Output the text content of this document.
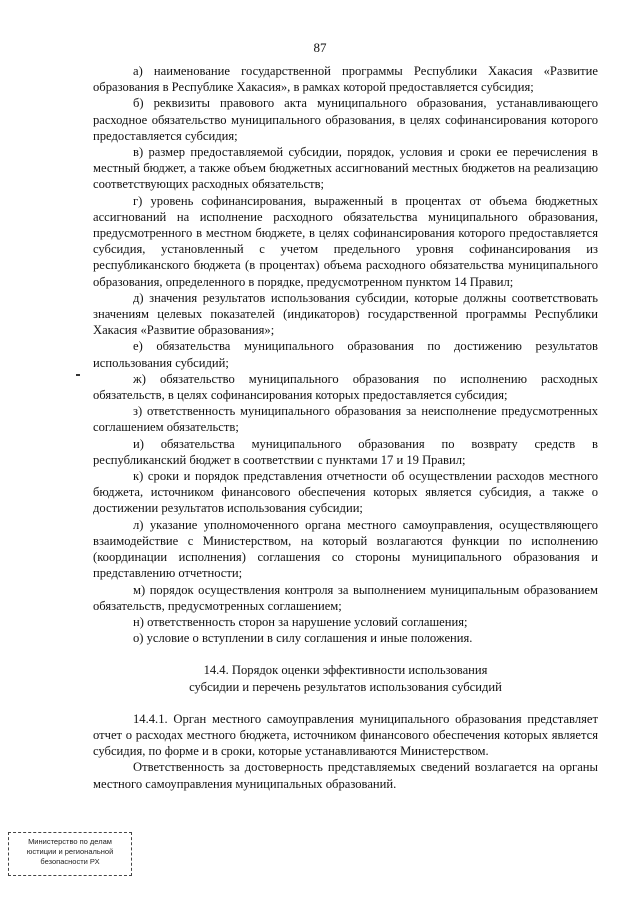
87

а) наименование государственной программы Республики Хакасия «Развитие образования в Республике Хакасия», в рамках которой предоставляется субсидия;

б) реквизиты правового акта муниципального образования, устанавливающего расходное обязательство муниципального образования, в целях софинансирования которого предоставляется субсидия;

в) размер предоставляемой субсидии, порядок, условия и сроки ее перечисления в местный бюджет, а также объем бюджетных ассигнований местных бюджетов на реализацию соответствующих расходных обязательств;

г) уровень софинансирования, выраженный в процентах от объема бюджетных ассигнований на исполнение расходного обязательства муниципального образования, предусмотренного в местном бюджете, в целях софинансирования которого предоставляется субсидия, установленный с учетом предельного уровня софинансирования из республиканского бюджета (в процентах) объема расходного обязательства муниципального образования, определенного в порядке, предусмотренном пунктом 14 Правил;

д) значения результатов использования субсидии, которые должны соответствовать значениям целевых показателей (индикаторов) государственной программы Республики Хакасия «Развитие образования»;

е) обязательства муниципального образования по достижению результатов использования субсидий;

ж) обязательство муниципального образования по исполнению расходных обязательств, в целях софинансирования которых предоставляется субсидия;

з) ответственность муниципального образования за неисполнение предусмотренных соглашением обязательств;

и) обязательства муниципального образования по возврату средств в республиканский бюджет в соответствии с пунктами 17 и 19 Правил;

к) сроки и порядок представления отчетности об осуществлении расходов местного бюджета, источником финансового обеспечения которых является субсидия, а также о достижении результатов использования субсидии;

л) указание уполномоченного органа местного самоуправления, осуществляющего взаимодействие с Министерством, на который возлагаются функции по исполнению (координации исполнения) соглашения со стороны муниципального образования и представлению отчетности;

м) порядок осуществления контроля за выполнением муниципальным образованием обязательств, предусмотренных соглашением;

н) ответственность сторон за нарушение условий соглашения;

о) условие о вступлении в силу соглашения и иные положения.

14.4. Порядок оценки эффективности использования
субсидии и перечень результатов использования субсидий

14.4.1. Орган местного самоуправления муниципального образования представляет отчет о расходах местного бюджета, источником финансового обеспечения которых является субсидия, по форме и в сроки, которые устанавливаются Министерством.

Ответственность за достоверность представляемых сведений возлагается на органы местного самоуправления муниципальных образований.

Министерство по делам
юстиции и региональной
безопасности РХ
